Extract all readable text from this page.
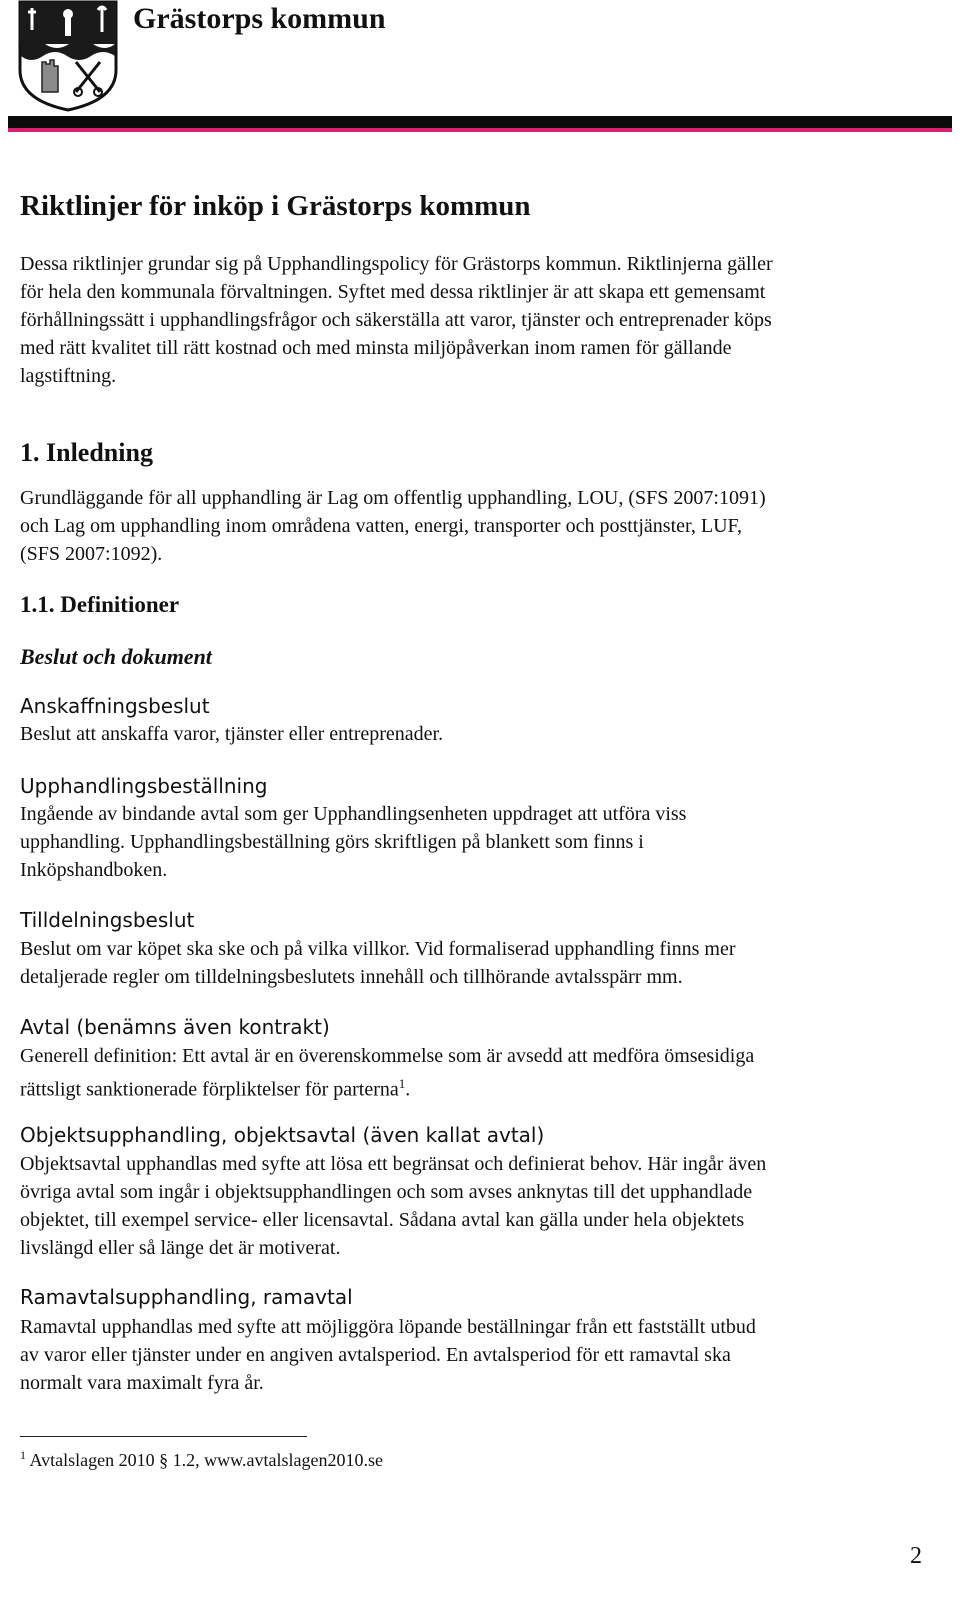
Grästorps kommun
Riktlinjer för inköp i Grästorps kommun
Dessa riktlinjer grundar sig på Upphandlingspolicy för Grästorps kommun. Riktlinjerna gäller
för hela den kommunala förvaltningen. Syftet med dessa riktlinjer är att skapa ett gemensamt
förhållningssätt i upphandlingsfrågor och säkerställa att varor, tjänster och entreprenader köps
med rätt kvalitet till rätt kostnad och med minsta miljöpåverkan inom ramen för gällande
lagstiftning.
1. Inledning
Grundläggande för all upphandling är Lag om offentlig upphandling, LOU, (SFS 2007:1091)
och Lag om upphandling inom områdena vatten, energi, transporter och posttjänster, LUF,
(SFS 2007:1092).
1.1. Definitioner
Beslut och dokument
Anskaffningsbeslut
Beslut att anskaffa varor, tjänster eller entreprenader.
Upphandlingsbeställning
Ingående av bindande avtal som ger Upphandlingsenheten uppdraget att utföra viss
upphandling. Upphandlingsbeställning görs skriftligen på blankett som finns i
Inköpshandboken.
Tilldelningsbeslut
Beslut om var köpet ska ske och på vilka villkor. Vid formaliserad upphandling finns mer
detaljerade regler om tilldelningsbeslutets innehåll och tillhörande avtalsspärr mm.
Avtal (benämns även kontrakt)
Generell definition: Ett avtal är en överenskommelse som är avsedd att medföra ömsesidiga
rättsligt sanktionerade förpliktelser för parterna$^1$.
Objektsupphandling, objektsavtal (även kallat avtal)
Objektsavtal upphandlas med syfte att lösa ett begränsat och definierat behov. Här ingår även
övriga avtal som ingår i objektsupphandlingen och som avses anknytas till det upphandlade
objektet, till exempel service- eller licensavtal. Sådana avtal kan gälla under hela objektets
livslängd eller så länge det är motiverat.
Ramavtalsupphandling, ramavtal
Ramavtal upphandlas med syfte att möjliggöra löpande beställningar från ett fastställt utbud
av varor eller tjänster under en angiven avtalsperiod. En avtalsperiod för ett ramavtal ska
normalt vara maximalt fyra år.

$^1$ Avtalslagen 2010 § 1.2, www.avtalslagen2010.se

2
